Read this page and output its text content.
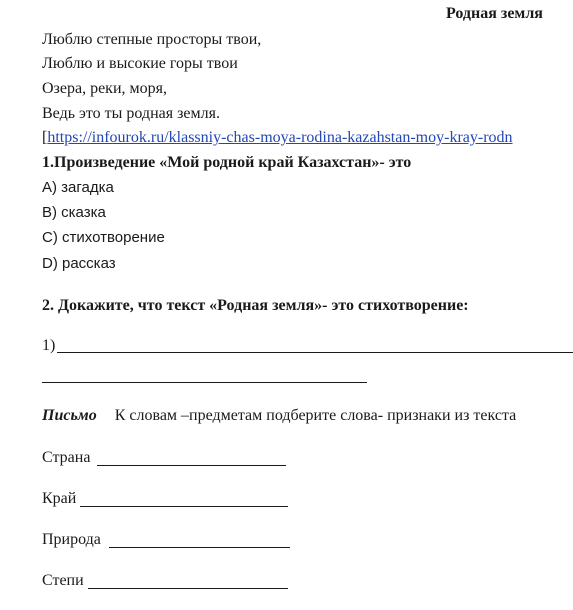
Родная земля
Люблю степные просторы твои,
Люблю и высокие горы твои
Озера, реки, моря,
Ведь это ты родная земля.
[https://infourok.ru/klassniy-chas-moya-rodina-kazahstan-moy-kray-rodn
1.Произведение «Мой родной край Казахстан»- это
A) загадка
B) сказка
C) стихотворение
D) рассказ
2. Докажите, что текст «Родная земля»- это стихотворение:
1)
Письмо К словам –предметам подберите слова- признаки из текста
Страна
Край
Природа
Степи
